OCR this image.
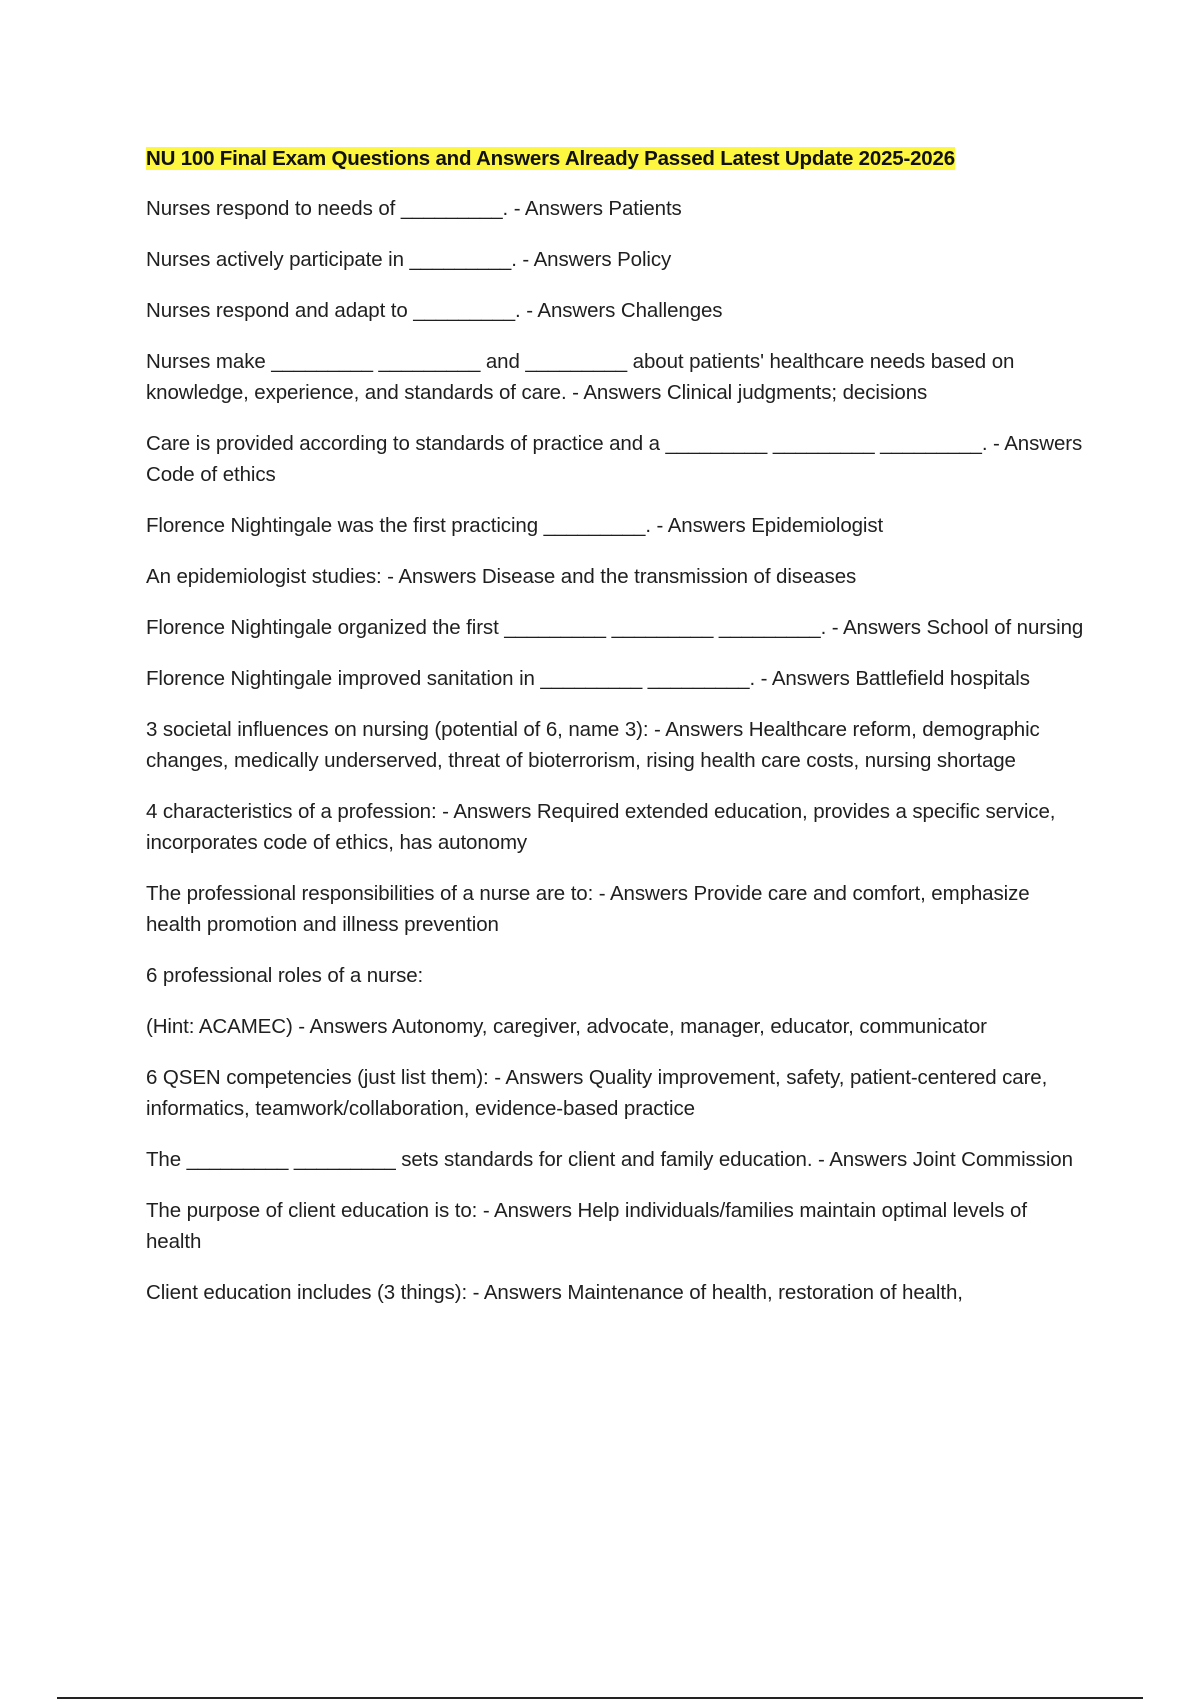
NU 100 Final Exam Questions and Answers Already Passed Latest Update 2025-2026

Nurses respond to needs of _________. - Answers Patients

Nurses actively participate in _________. - Answers Policy

Nurses respond and adapt to _________. - Answers Challenges

Nurses make _________ _________ and _________ about patients' healthcare needs based on knowledge, experience, and standards of care. - Answers Clinical judgments; decisions

Care is provided according to standards of practice and a _________ _________ _________. - Answers Code of ethics

Florence Nightingale was the first practicing _________. - Answers Epidemiologist

An epidemiologist studies: - Answers Disease and the transmission of diseases

Florence Nightingale organized the first _________ _________ _________. - Answers School of nursing

Florence Nightingale improved sanitation in _________ _________. - Answers Battlefield hospitals

3 societal influences on nursing (potential of 6, name 3): - Answers Healthcare reform, demographic changes, medically underserved, threat of bioterrorism, rising health care costs, nursing shortage

4 characteristics of a profession: - Answers Required extended education, provides a specific service, incorporates code of ethics, has autonomy

The professional responsibilities of a nurse are to: - Answers Provide care and comfort, emphasize health promotion and illness prevention

6 professional roles of a nurse:

(Hint: ACAMEC) - Answers Autonomy, caregiver, advocate, manager, educator, communicator

6 QSEN competencies (just list them): - Answers Quality improvement, safety, patient-centered care, informatics, teamwork/collaboration, evidence-based practice

The _________ _________ sets standards for client and family education. - Answers Joint Commission

The purpose of client education is to: - Answers Help individuals/families maintain optimal levels of health

Client education includes (3 things): - Answers Maintenance of health, restoration of health,
